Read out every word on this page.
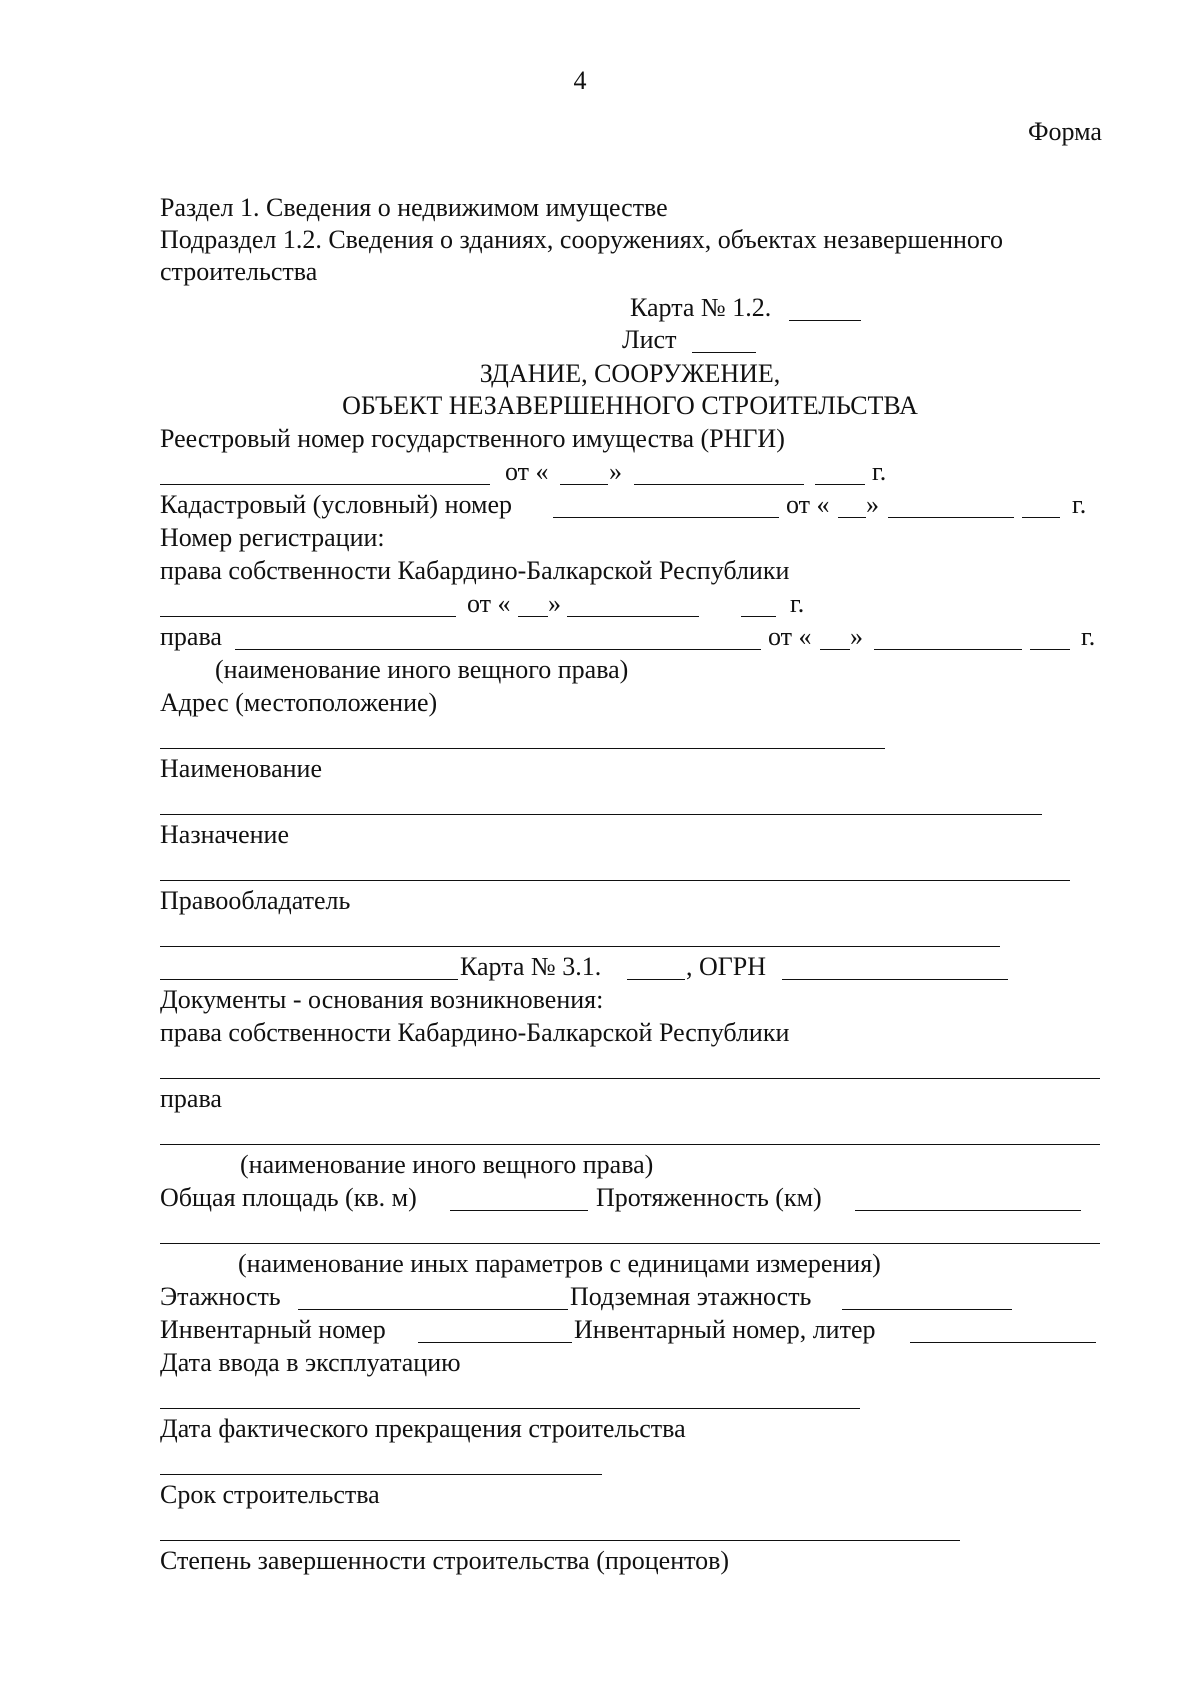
4
Форма
Раздел 1. Сведения о недвижимом имуществе
Подраздел 1.2. Сведения о зданиях, сооружениях, объектах незавершенного
строительства
Карта № 1.2.
Лист
ЗДАНИЕ, СООРУЖЕНИЕ,
ОБЪЕКТ НЕЗАВЕРШЕННОГО СТРОИТЕЛЬСТВА
Реестровый номер государственного имущества (РНГИ)
от « »	г.
Кадастровый (условный) номер	от « »	г.
Номер регистрации:
права собственности Кабардино-Балкарской Республики
от « »	г.
права	от « »	г.
(наименование иного вещного права)
Адрес (местоположение)
Наименование
Назначение
Правообладатель
Карта № 3.1.	, ОГРН
Документы - основания возникновения:
права собственности Кабардино-Балкарской Республики
права
(наименование иного вещного права)
Общая площадь (кв. м)	Протяженность (км)
(наименование иных параметров с единицами измерения)
Этажность	Подземная этажность
Инвентарный номер	Инвентарный номер, литер
Дата ввода в эксплуатацию
Дата фактического прекращения строительства
Срок строительства
Степень завершенности строительства (процентов)
